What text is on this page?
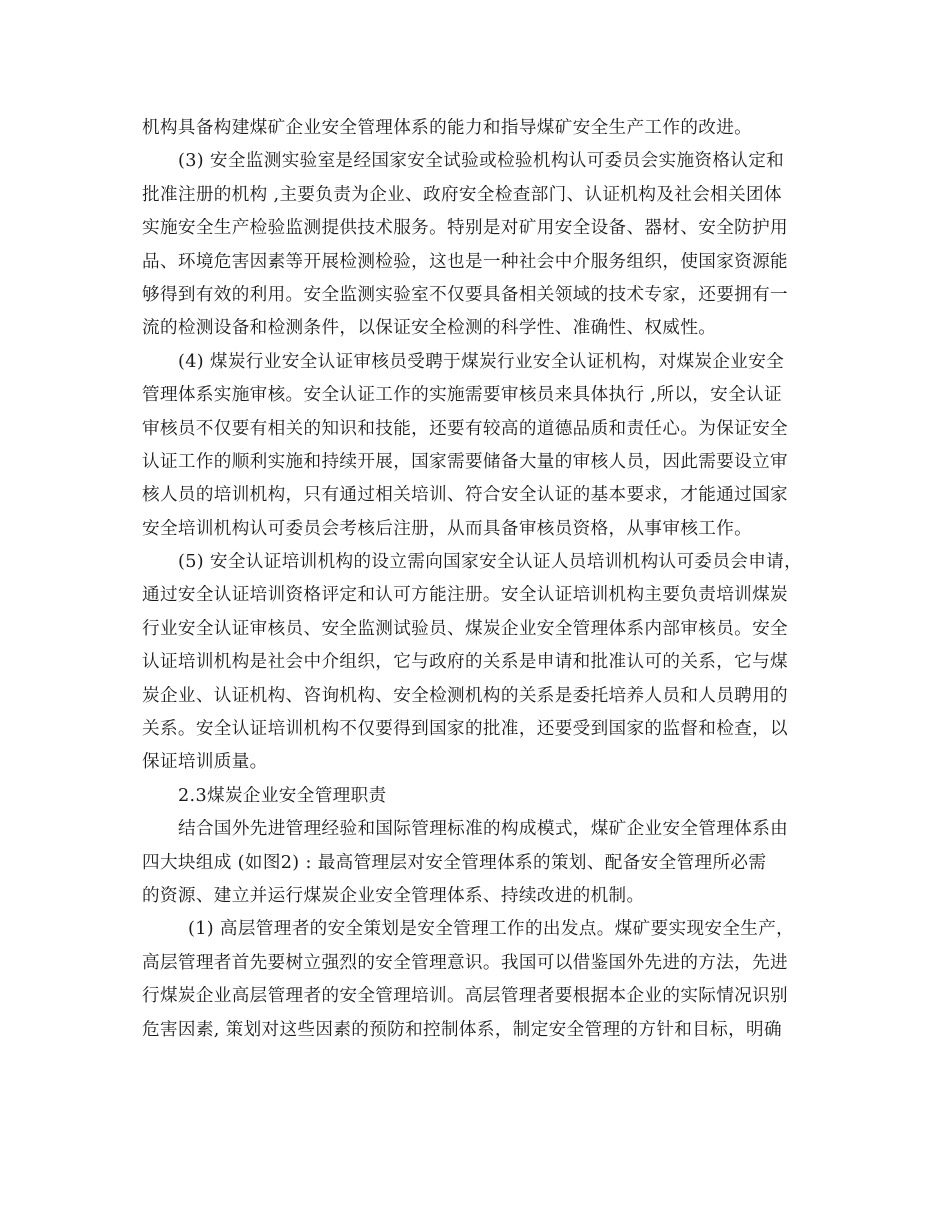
机构具备构建煤矿企业安全管理体系的能力和指导煤矿安全生产工作的改进。
(3) 安全监测实验室是经国家安全试验或检验机构认可委员会实施资格认定和
批准注册的机构 ,主要负责为企业、政府安全检查部门、认证机构及社会相关团体
实施安全生产检验监测提供技术服务。特别是对矿用安全设备、器材、安全防护用
品、环境危害因素等开展检测检验，这也是一种社会中介服务组织，使国家资源能
够得到有效的利用。安全监测实验室不仅要具备相关领域的技术专家，还要拥有一
流的检测设备和检测条件，以保证安全检测的科学性、准确性、权威性。
(4) 煤炭行业安全认证审核员受聘于煤炭行业安全认证机构，对煤炭企业安全
管理体系实施审核。安全认证工作的实施需要审核员来具体执行 ,所以，安全认证
审核员不仅要有相关的知识和技能，还要有较高的道德品质和责任心。为保证安全
认证工作的顺利实施和持续开展，国家需要储备大量的审核人员，因此需要设立审
核人员的培训机构，只有通过相关培训、符合安全认证的基本要求，才能通过国家
安全培训机构认可委员会考核后注册，从而具备审核员资格，从事审核工作。
(5) 安全认证培训机构的设立需向国家安全认证人员培训机构认可委员会申请，
通过安全认证培训资格评定和认可方能注册。安全认证培训机构主要负责培训煤炭
行业安全认证审核员、安全监测试验员、煤炭企业安全管理体系内部审核员。安全
认证培训机构是社会中介组织，它与政府的关系是申请和批准认可的关系，它与煤
炭企业、认证机构、咨询机构、安全检测机构的关系是委托培养人员和人员聘用的
关系。安全认证培训机构不仅要得到国家的批准，还要受到国家的监督和检查，以
保证培训质量。
2.3煤炭企业安全管理职责
结合国外先进管理经验和国际管理标准的构成模式，煤矿企业安全管理体系由
四大块组成 (如图2) : 最高管理层对安全管理体系的策划、配备安全管理所必需
的资源、建立并运行煤炭企业安全管理体系、持续改进的机制。
(1) 高层管理者的安全策划是安全管理工作的出发点。煤矿要实现安全生产，
高层管理者首先要树立强烈的安全管理意识。我国可以借鉴国外先进的方法，先进
行煤炭企业高层管理者的安全管理培训。高层管理者要根据本企业的实际情况识别
危害因素, 策划对这些因素的预防和控制体系，制定安全管理的方针和目标，明确
